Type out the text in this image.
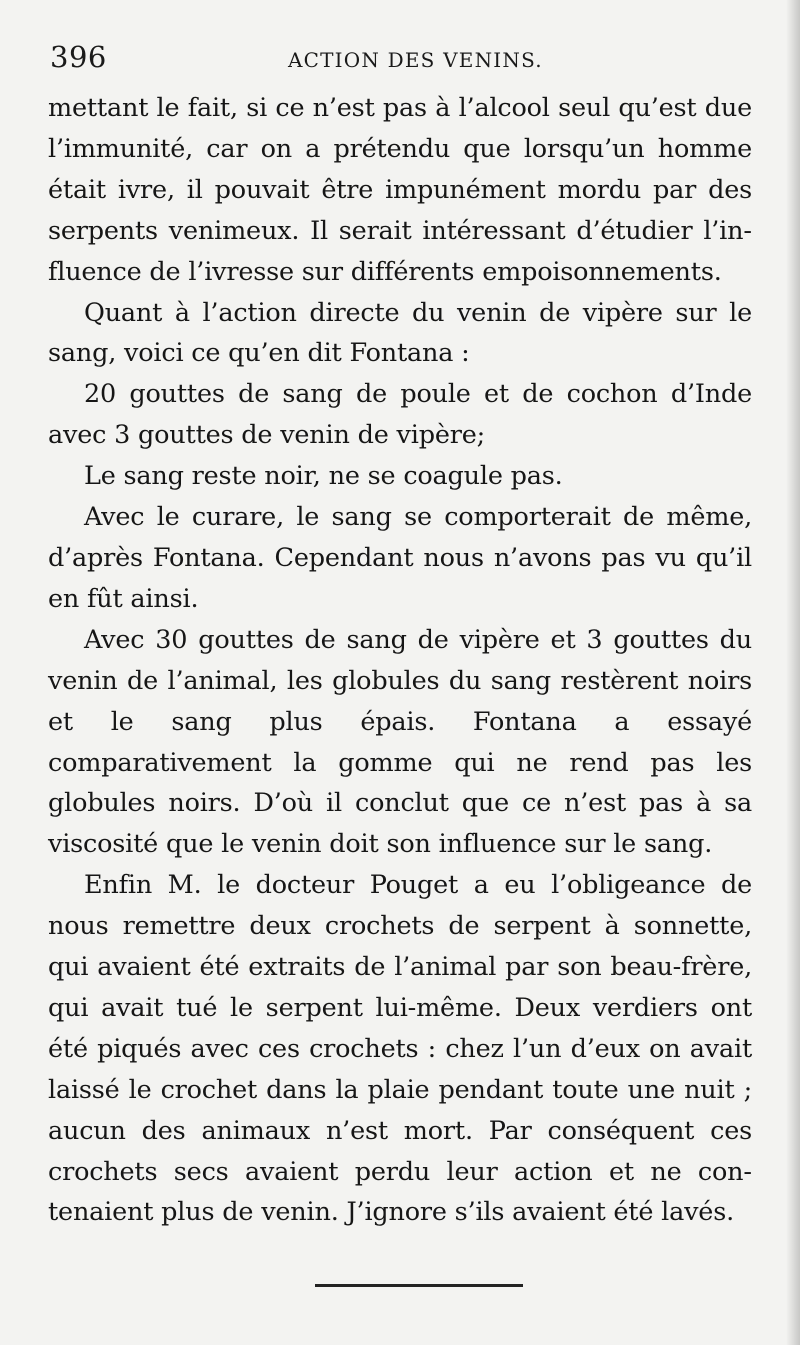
396	ACTION DES VENINS.

mettant le fait, si ce n’est pas à l’alcool seul qu’est due l’immunité, car on a prétendu que lorsqu’un homme était ivre, il pouvait être impunément mordu par des serpents venimeux. Il serait intéressant d’étudier l’influence de l’ivresse sur différents empoisonnements.

Quant à l’action directe du venin de vipère sur le sang, voici ce qu’en dit Fontana :

20 gouttes de sang de poule et de cochon d’Inde avec 3 gouttes de venin de vipère;

Le sang reste noir, ne se coagule pas.

Avec le curare, le sang se comporterait de même, d’après Fontana. Cependant nous n’avons pas vu qu’il en fût ainsi.

Avec 30 gouttes de sang de vipère et 3 gouttes du venin de l’animal, les globules du sang restèrent noirs et le sang plus épais. Fontana a essayé comparativement la gomme qui ne rend pas les globules noirs. D’où il conclut que ce n’est pas à sa viscosité que le venin doit son influence sur le sang.

Enfin M. le docteur Pouget a eu l’obligeance de nous remettre deux crochets de serpent à sonnette, qui avaient été extraits de l’animal par son beau-frère, qui avait tué le serpent lui-même. Deux verdiers ont été piqués avec ces crochets : chez l’un d’eux on avait laissé le crochet dans la plaie pendant toute une nuit ; aucun des animaux n’est mort. Par conséquent ces crochets secs avaient perdu leur action et ne contenaient plus de venin. J’ignore s’ils avaient été lavés.
